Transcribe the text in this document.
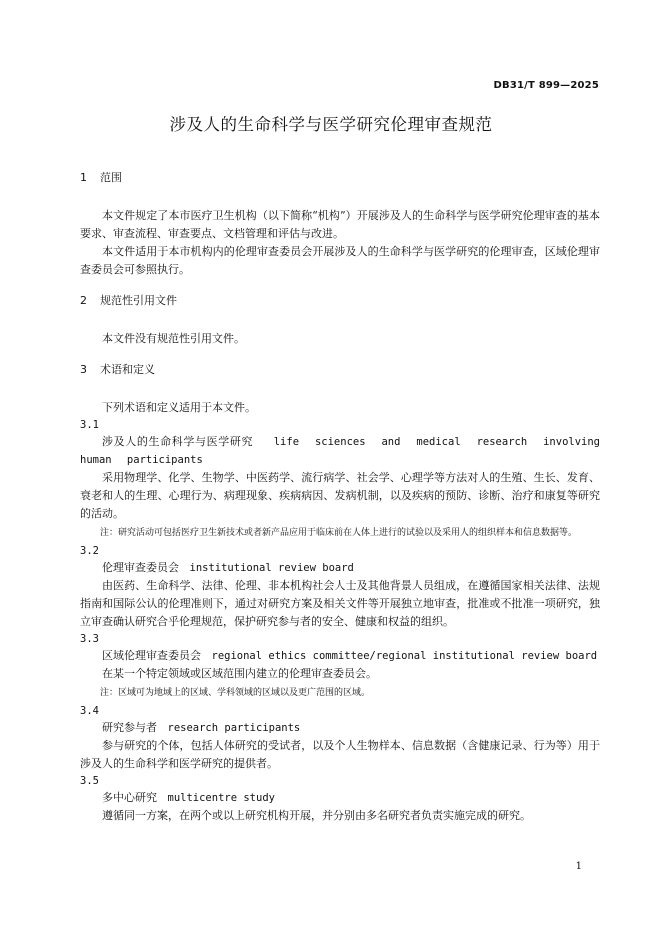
DB31/T 899—2025
涉及人的生命科学与医学研究伦理审查规范
1	范围

本文件规定了本市医疗卫生机构（以下简称“机构”）开展涉及人的生命科学与医学研究伦理审查的基本要求、审查流程、审查要点、文档管理和评估与改进。

本文件适用于本市机构内的伦理审查委员会开展涉及人的生命科学与医学研究的伦理审查，区域伦理审查委员会可参照执行。

2	规范性引用文件

本文件没有规范性引用文件。

3	术语和定义

下列术语和定义适用于本文件。

3.1
涉及人的生命科学与医学研究 life sciences and medical research involving human participants

采用物理学、化学、生物学、中医药学、流行病学、社会学、心理学等方法对人的生殖、生长、发育、衰老和人的生理、心理行为、病理现象、疾病病因、发病机制，以及疾病的预防、诊断、治疗和康复等研究的活动。

注：研究活动可包括医疗卫生新技术或者新产品应用于临床前在人体上进行的试验以及采用人的组织样本和信息数据等。
3.2
伦理审查委员会 institutional review board

由医药、生命科学、法律、伦理、非本机构社会人士及其他背景人员组成，在遵循国家相关法律、法规指南和国际公认的伦理准则下，通过对研究方案及相关文件等开展独立地审查，批准或不批准一项研究，独立审查确认研究合乎伦理规范，保护研究参与者的安全、健康和权益的组织。

3.3
区域伦理审查委员会 regional ethics committee/regional institutional review board

在某一个特定领域或区域范围内建立的伦理审查委员会。

注：区域可为地域上的区域、学科领域的区域以及更广范围的区域。
3.4
研究参与者 research participants

参与研究的个体，包括人体研究的受试者，以及个人生物样本、信息数据（含健康记录、行为等）用于涉及人的生命科学和医学研究的提供者。

3.5
多中心研究 multicentre study

遵循同一方案，在两个或以上研究机构开展，并分别由多名研究者负责实施完成的研究。

1
